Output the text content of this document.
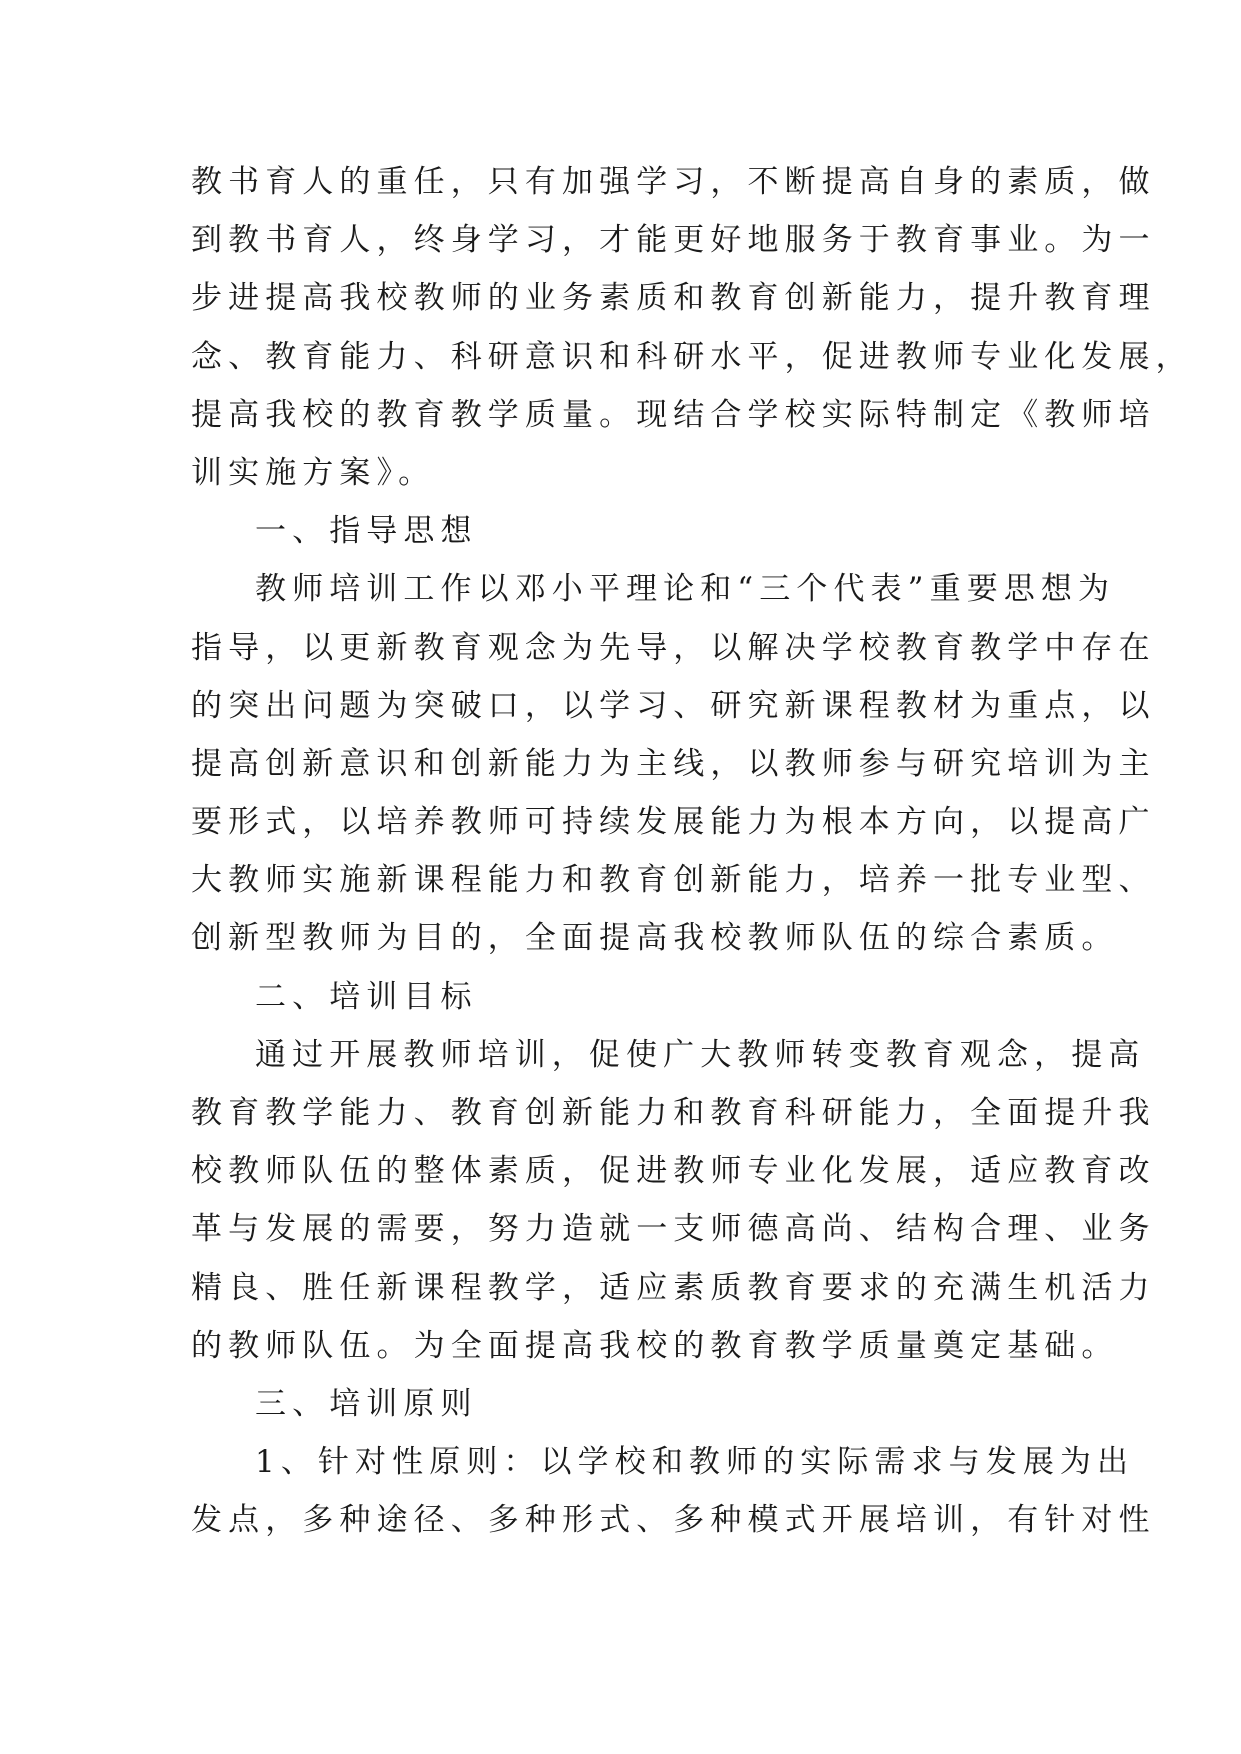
教书育人的重任，只有加强学习，不断提高自身的素质，做
到教书育人，终身学习，才能更好地服务于教育事业。为一
步进提高我校教师的业务素质和教育创新能力，提升教育理
念、教育能力、科研意识和科研水平，促进教师专业化发展，
提高我校的教育教学质量。现结合学校实际特制定《教师培
训实施方案》。
一、指导思想
教师培训工作以邓小平理论和“三个代表”重要思想为
指导，以更新教育观念为先导，以解决学校教育教学中存在
的突出问题为突破口，以学习、研究新课程教材为重点，以
提高创新意识和创新能力为主线，以教师参与研究培训为主
要形式，以培养教师可持续发展能力为根本方向，以提高广
大教师实施新课程能力和教育创新能力，培养一批专业型、
创新型教师为目的，全面提高我校教师队伍的综合素质。
二、培训目标
通过开展教师培训，促使广大教师转变教育观念，提高
教育教学能力、教育创新能力和教育科研能力，全面提升我
校教师队伍的整体素质，促进教师专业化发展，适应教育改
革与发展的需要，努力造就一支师德高尚、结构合理、业务
精良、胜任新课程教学，适应素质教育要求的充满生机活力
的教师队伍。为全面提高我校的教育教学质量奠定基础。
三、培训原则
1、针对性原则：以学校和教师的实际需求与发展为出
发点，多种途径、多种形式、多种模式开展培训，有针对性
